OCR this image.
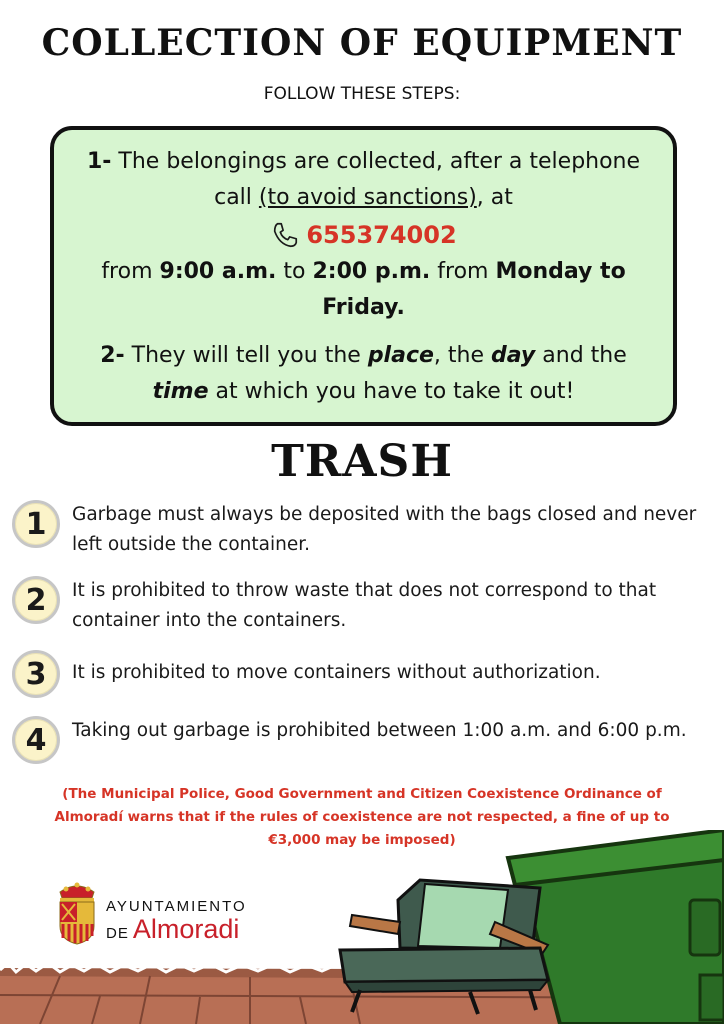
COLLECTION OF EQUIPMENT
FOLLOW THESE STEPS:
1- The belongings are collected, after a telephone call (to avoid sanctions), at
655374002
from 9:00 a.m. to 2:00 p.m. from Monday to Friday.
2- They will tell you the place, the day and the time at which you have to take it out!
TRASH
1	Garbage must always be deposited with the bags closed and never left outside the container.
2	It is prohibited to throw waste that does not correspond to that container into the containers.
3	It is prohibited to move containers without authorization.
4	Taking out garbage is prohibited between 1:00 a.m. and 6:00 p.m.
(The Municipal Police, Good Government and Citizen Coexistence Ordinance of Almoradí warns that if the rules of coexistence are not respected, a fine of up to €3,000 may be imposed)
AYUNTAMIENTO
DE Almoradi
